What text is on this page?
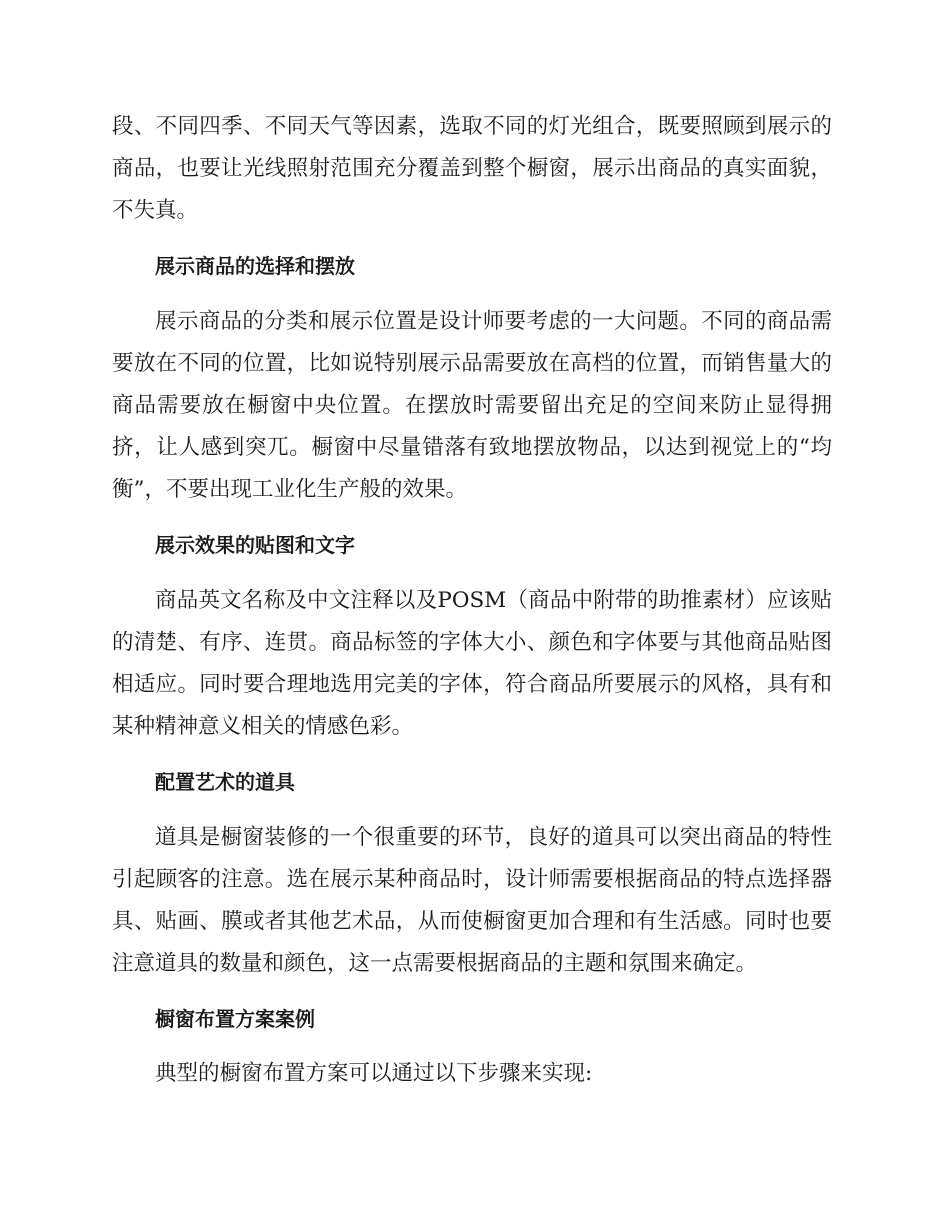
段、不同四季、不同天气等因素，选取不同的灯光组合，既要照顾到展示的商品，也要让光线照射范围充分覆盖到整个橱窗，展示出商品的真实面貌，不失真。

展示商品的选择和摆放

展示商品的分类和展示位置是设计师要考虑的一大问题。不同的商品需要放在不同的位置，比如说特别展示品需要放在高档的位置，而销售量大的商品需要放在橱窗中央位置。在摆放时需要留出充足的空间来防止显得拥挤，让人感到突兀。橱窗中尽量错落有致地摆放物品，以达到视觉上的“均衡”，不要出现工业化生产般的效果。

展示效果的贴图和文字

商品英文名称及中文注释以及POSM（商品中附带的助推素材）应该贴的清楚、有序、连贯。商品标签的字体大小、颜色和字体要与其他商品贴图相适应。同时要合理地选用完美的字体，符合商品所要展示的风格，具有和某种精神意义相关的情感色彩。

配置艺术的道具

道具是橱窗装修的一个很重要的环节，良好的道具可以突出商品的特性引起顾客的注意。选在展示某种商品时，设计师需要根据商品的特点选择器具、贴画、膜或者其他艺术品，从而使橱窗更加合理和有生活感。同时也要注意道具的数量和颜色，这一点需要根据商品的主题和氛围来确定。

橱窗布置方案案例

典型的橱窗布置方案可以通过以下步骤来实现:
